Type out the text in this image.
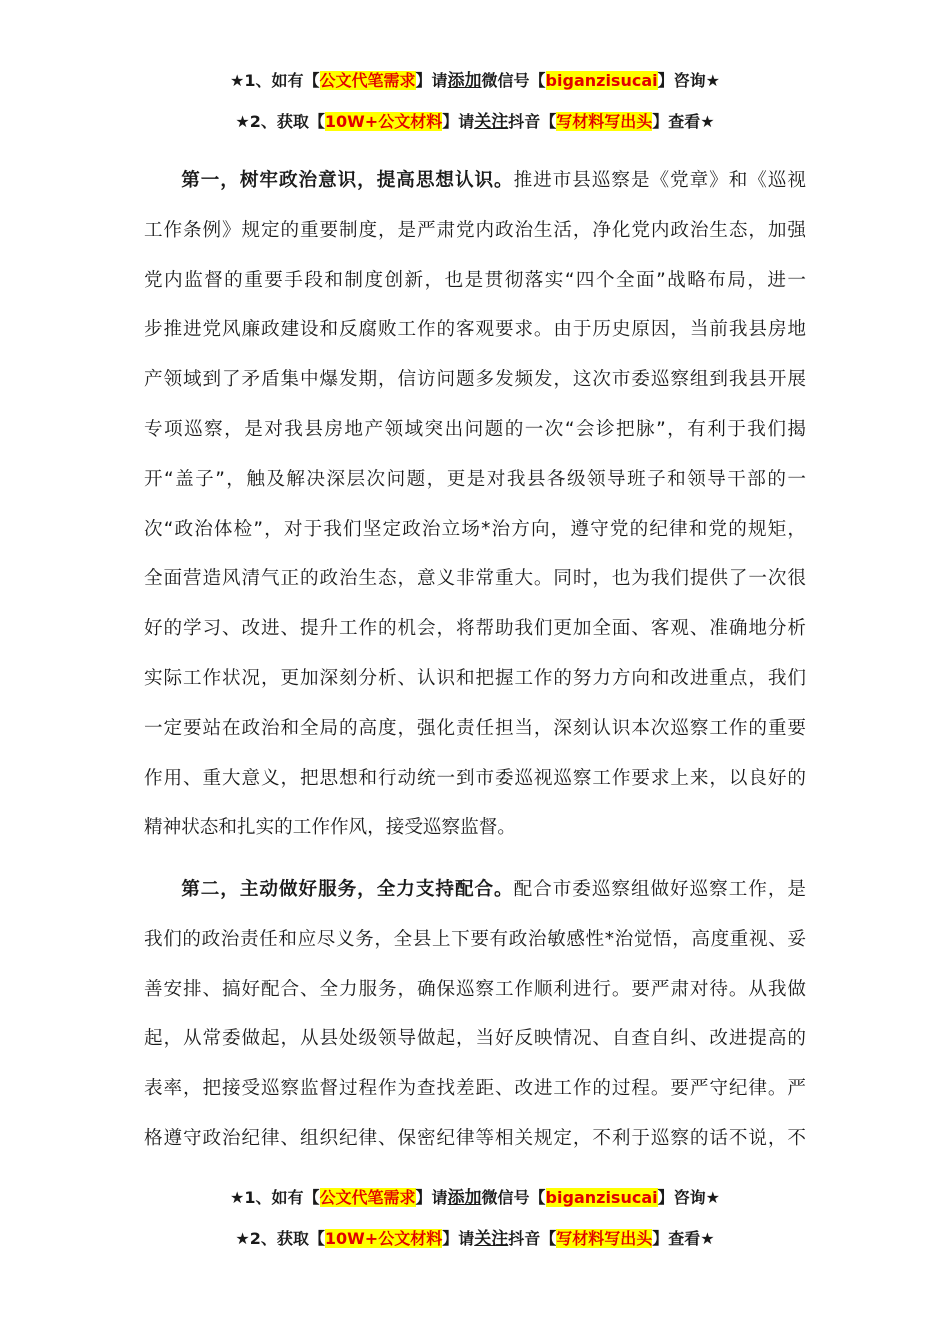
★1、如有【公文代笔需求】请添加微信号【biganzisucai】咨询★
★2、获取【10W+公文材料】请关注抖音【写材料写出头】查看★
第一，树牢政治意识，提高思想认识。推进市县巡察是《党章》和《巡视
工作条例》规定的重要制度，是严肃党内政治生活，净化党内政治生态，加强
党内监督的重要手段和制度创新，也是贯彻落实“四个全面”战略布局，进一
步推进党风廉政建设和反腐败工作的客观要求。由于历史原因，当前我县房地
产领域到了矛盾集中爆发期，信访问题多发频发，这次市委巡察组到我县开展
专项巡察，是对我县房地产领域突出问题的一次“会诊把脉”，有利于我们揭
开“盖子”，触及解决深层次问题，更是对我县各级领导班子和领导干部的一
次“政治体检”，对于我们坚定政治立场*治方向，遵守党的纪律和党的规矩，
全面营造风清气正的政治生态，意义非常重大。同时，也为我们提供了一次很
好的学习、改进、提升工作的机会，将帮助我们更加全面、客观、准确地分析
实际工作状况，更加深刻分析、认识和把握工作的努力方向和改进重点，我们
一定要站在政治和全局的高度，强化责任担当，深刻认识本次巡察工作的重要
作用、重大意义，把思想和行动统一到市委巡视巡察工作要求上来，以良好的
精神状态和扎实的工作作风，接受巡察监督。
第二，主动做好服务，全力支持配合。配合市委巡察组做好巡察工作，是
我们的政治责任和应尽义务，全县上下要有政治敏感性*治觉悟，高度重视、妥
善安排、搞好配合、全力服务，确保巡察工作顺利进行。要严肃对待。从我做
起，从常委做起，从县处级领导做起，当好反映情况、自查自纠、改进提高的
表率，把接受巡察监督过程作为查找差距、改进工作的过程。要严守纪律。严
格遵守政治纪律、组织纪律、保密纪律等相关规定，不利于巡察的话不说，不
★1、如有【公文代笔需求】请添加微信号【biganzisucai】咨询★
★2、获取【10W+公文材料】请关注抖音【写材料写出头】查看★
